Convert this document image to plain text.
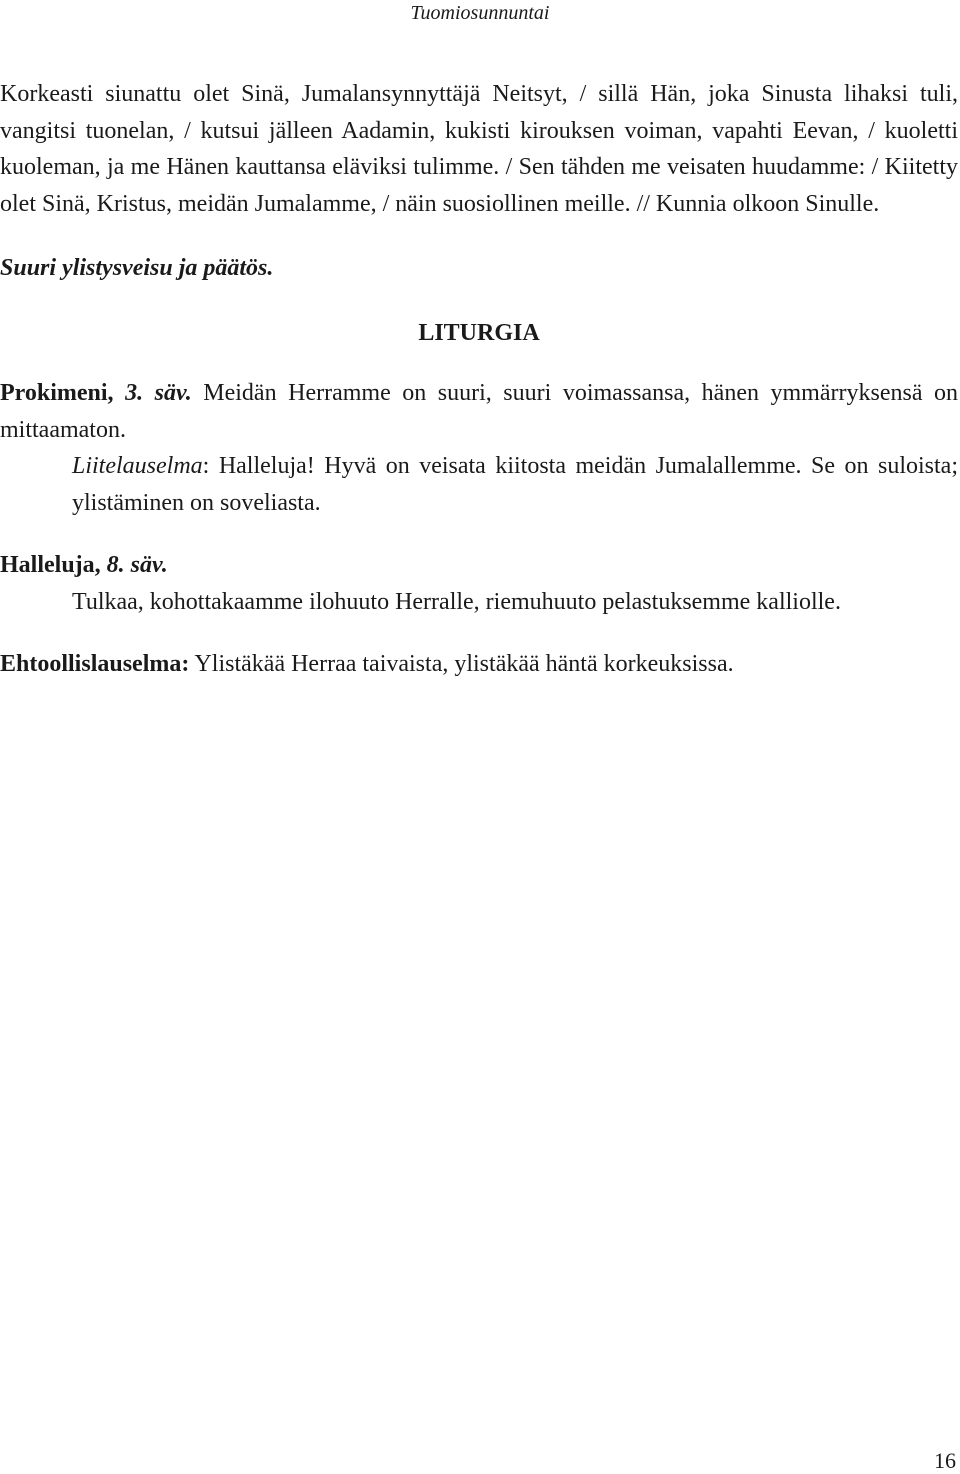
Tuomiosunnuntai

Korkeasti siunattu olet Sinä, Jumalansynnyttäjä Neitsyt, / sillä Hän, joka Sinusta lihaksi tuli, vangitsi tuonelan, / kutsui jälleen Aadamin, kukisti kirouksen voiman, vapahti Eevan, / kuoletti kuoleman, ja me Hänen kauttansa eläviksi tulimme. / Sen tähden me veisaten huudamme: / Kiitetty olet Sinä, Kristus, meidän Jumalamme, / näin suosiollinen meille. // Kunnia olkoon Sinulle.

Suuri ylistysveisu ja päätös.

LITURGIA

Prokimeni, 3. säv. Meidän Herramme on suuri, suuri voimassansa, hänen ymmärryksensä on mittaamaton.

Liitelauselma: Halleluja! Hyvä on veisata kiitosta meidän Jumalallemme. Se on suloista; ylistäminen on soveliasta.

Halleluja, 8. säv.

Tulkaa, kohottakaamme ilohuuto Herralle, riemuhuuto pelastuksemme kalliolle.

Ehtoollislauselma: Ylistäkää Herraa taivaista, ylistäkää häntä korkeuksissa.

16
